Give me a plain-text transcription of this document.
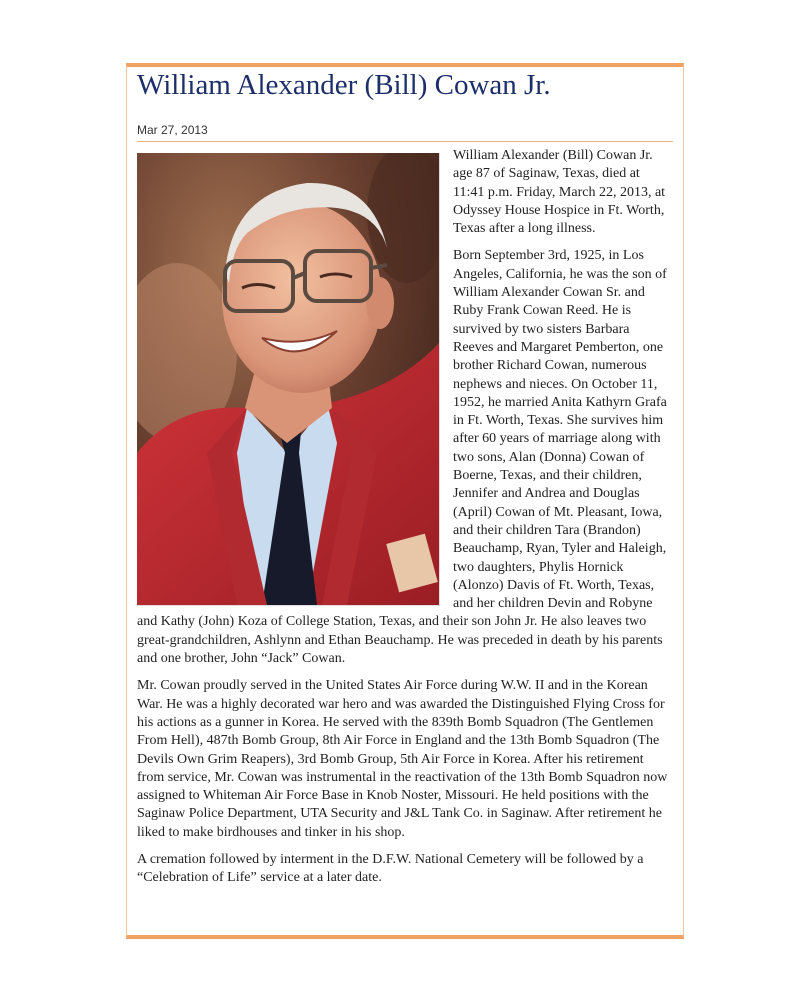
William Alexander (Bill) Cowan Jr.
Mar 27, 2013

William Alexander (Bill) Cowan Jr. age 87 of Saginaw, Texas, died at 11:41 p.m. Friday, March 22, 2013, at Odyssey House Hospice in Ft. Worth, Texas after a long illness.

Born September 3rd, 1925, in Los Angeles, California, he was the son of William Alexander Cowan Sr. and Ruby Frank Cowan Reed. He is survived by two sisters Barbara Reeves and Margaret Pemberton, one brother Richard Cowan, numerous nephews and nieces. On October 11, 1952, he married Anita Kathyrn Grafa in Ft. Worth, Texas. She survives him after 60 years of marriage along with two sons, Alan (Donna) Cowan of Boerne, Texas, and their children, Jennifer and Andrea and Douglas (April) Cowan of Mt. Pleasant, Iowa, and their children Tara (Brandon) Beauchamp, Ryan, Tyler and Haleigh, two daughters, Phylis Hornick (Alonzo) Davis of Ft. Worth, Texas, and her children Devin and Robyne and Kathy (John) Koza of College Station, Texas, and their son John Jr. He also leaves two great-grandchildren, Ashlynn and Ethan Beauchamp. He was preceded in death by his parents and one brother, John “Jack” Cowan.

Mr. Cowan proudly served in the United States Air Force during W.W. II and in the Korean War. He was a highly decorated war hero and was awarded the Distinguished Flying Cross for his actions as a gunner in Korea. He served with the 839th Bomb Squadron (The Gentlemen From Hell), 487th Bomb Group, 8th Air Force in England and the 13th Bomb Squadron (The Devils Own Grim Reapers), 3rd Bomb Group, 5th Air Force in Korea. After his retirement from service, Mr. Cowan was instrumental in the reactivation of the 13th Bomb Squadron now assigned to Whiteman Air Force Base in Knob Noster, Missouri. He held positions with the Saginaw Police Department, UTA Security and J&L Tank Co. in Saginaw. After retirement he liked to make birdhouses and tinker in his shop.

A cremation followed by interment in the D.F.W. National Cemetery will be followed by a “Celebration of Life” service at a later date.
